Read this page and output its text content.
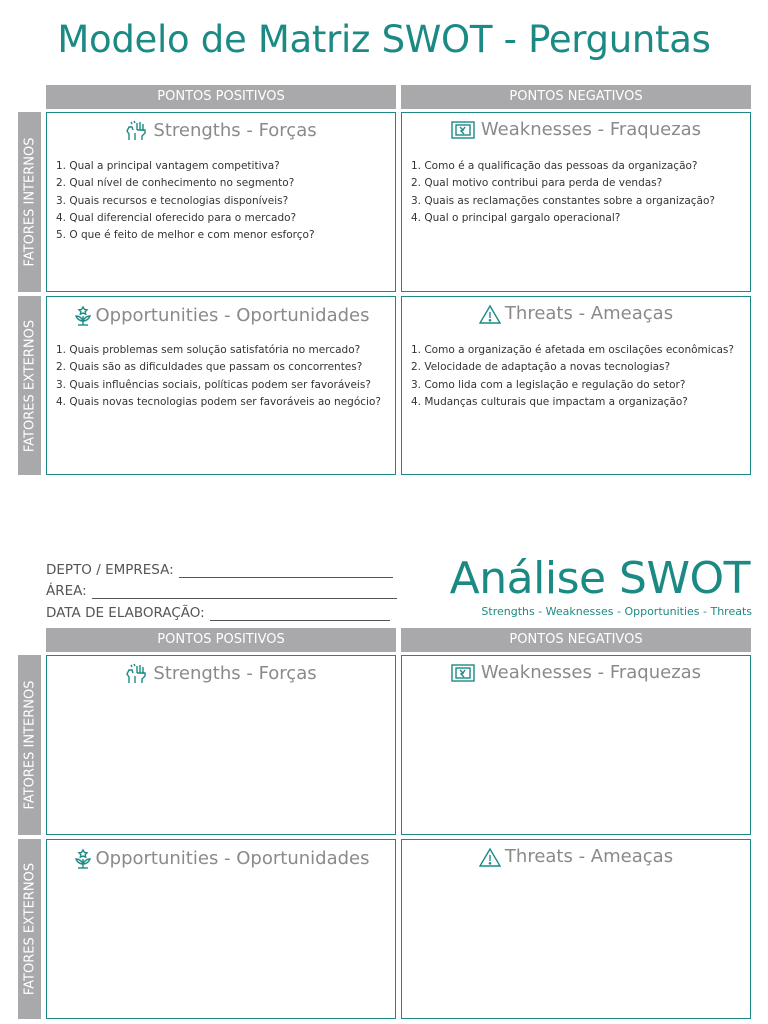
Modelo de Matriz SWOT - Perguntas
PONTOS POSITIVOS	PONTOS NEGATIVOS
FATORES INTERNOS
FATORES EXTERNOS
Strengths - Forças
1. Qual a principal vantagem competitiva?
2. Qual nível de conhecimento no segmento?
3. Quais recursos e tecnologias disponíveis?
4. Qual diferencial oferecido para o mercado?
5. O que é feito de melhor e com menor esforço?
Weaknesses - Fraquezas
1. Como é a qualificação das pessoas da organização?
2. Qual motivo contribui para perda de vendas?
3. Quais as reclamações constantes sobre a organização?
4. Qual o principal gargalo operacional?
Opportunities - Oportunidades
1. Quais problemas sem solução satisfatória no mercado?
2. Quais são as dificuldades que passam os concorrentes?
3. Quais influências sociais, políticas podem ser favoráveis?
4. Quais novas tecnologias podem ser favoráveis ao negócio?
Threats - Ameaças
1. Como a organização é afetada em oscilações econômicas?
2. Velocidade de adaptação a novas tecnologias?
3. Como lida com a legislação e regulação do setor?
4. Mudanças culturais que impactam a organização?
DEPTO / EMPRESA:
ÁREA:
DATA DE ELABORAÇÃO:
Análise SWOT
Strengths - Weaknesses - Opportunities - Threats
PONTOS POSITIVOS	PONTOS NEGATIVOS
FATORES INTERNOS
FATORES EXTERNOS
Strengths - Forças	Weaknesses - Fraquezas
Opportunities - Oportunidades	Threats - Ameaças
